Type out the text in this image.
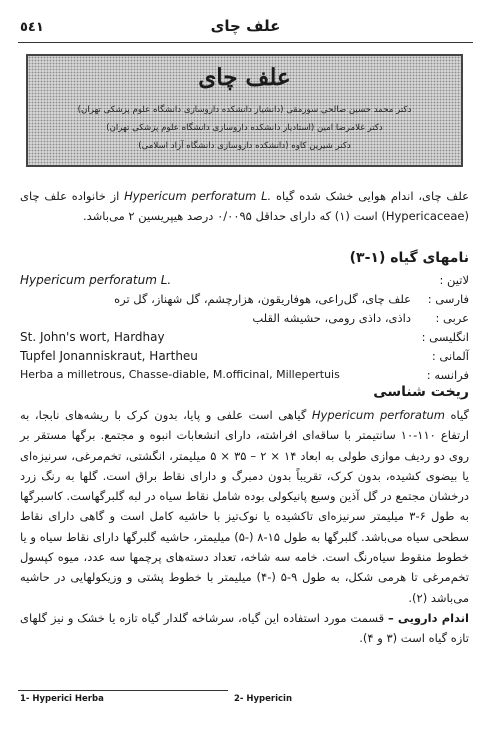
٥٤١	علف چای
علف چای
دکتر محمد حسین صالحی سورمقی (دانشیار دانشکده داروسازی دانشگاه علوم پزشکی تهران)
دکتر غلامرضا امین (استادیار دانشکده داروسازی دانشگاه علوم پزشکی تهران)
دکتر شیرین کاوه (دانشکده داروسازی دانشگاه آزاد اسلامی)
علف چای، اندام هوایی خشک شده گیاه Hypericum perforatum L. از خانواده علف چای (Hypericaceae) است (۱) که دارای حداقل ۰/۰۰۹۵ درصد هیپریسین ۲ می‌باشد.
نامهای گیاه (۱-۳)
لاتین :
Hypericum perforatum L.
فارسی :
علف چای، گل‌راعی، هوفاریقون، هزارچشم، گل شهناز، گل تره
عربی :
داذی، داذی رومی، حشیشه القلب
انگلیسی :
St. John's wort, Hardhay
آلمانی :
Tupfel Jonanniskraut, Hartheu
فرانسه :
Herba a milletrous, Chasse-diable, M.officinal, Millepertuis
ریخت شناسی
گیاه Hypericum perforatum گیاهی است علفی و پایا، بدون کرک با ریشه‌های نابجا، به ارتفاع ۱۱۰-۱۰ سانتیمتر با ساقه‌ای افراشته، دارای انشعابات انبوه و مجتمع. برگها مستقر بر روی دو ردیف موازی طولی به ابعاد ۱۴ × ۲ – ۳۵ × ۵ میلیمتر، انگشتی، تخم‌مرغی، سرنیزه‌ای یا بیضوی کشیده، بدون کرک، تقریباً بدون دمبرگ و دارای نقاط براق است. گلها به رنگ زرد درخشان مجتمع در گل آذین وسیع پانیکولی بوده شامل نقاط سیاه در لبه گلبرگهاست. کاسبرگها به طول ۶-۳ میلیمتر سرنیزه‌ای تاکشیده یا نوک‌تیز با حاشیه کامل است و گاهی دارای نقاط سطحی سیاه می‌باشد. گلبرگها به طول ۱۵-۸ (-۵) میلیمتر، حاشیه گلبرگها دارای نقاط سیاه و یا خطوط منقوط سیاه‌رنگ است. خامه سه شاخه، تعداد دسته‌های پرچمها سه عدد، میوه کپسول تخم‌مرغی تا هرمی شکل، به طول ۹-۵ (-۴) میلیمتر با خطوط پشتی و وزیکولهایی در حاشیه می‌باشد (۲).
اندام دارویی – قسمت مورد استفاده این گیاه، سرشاخه گلدار گیاه تازه یا خشک و نیز گلهای تازه گیاه است (۳ و ۴).
1- Hyperici Herba	2- Hypericin
